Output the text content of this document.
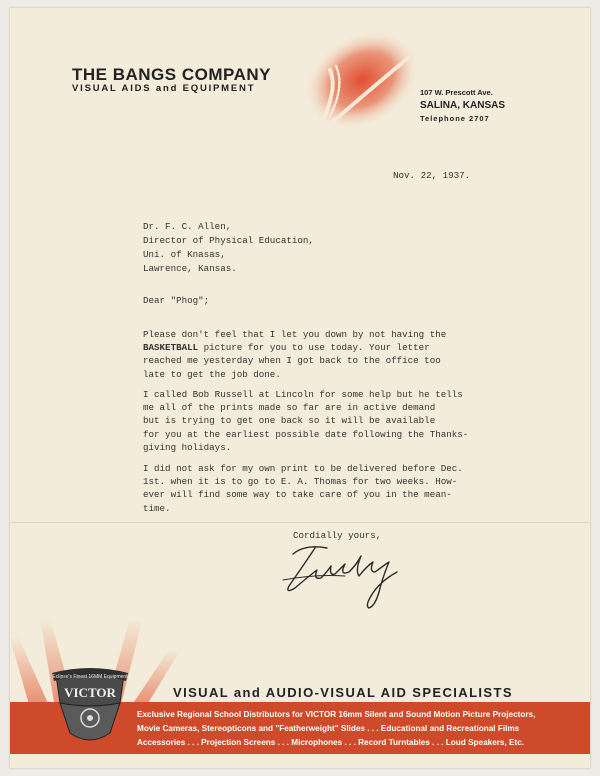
THE BANGS COMPANY
VISUAL AIDS and EQUIPMENT	107 W. Prescott Ave.
SALINA, KANSAS
Telephone 2707
Nov. 22, 1937.
Dr. F. C. Allen,
Director of Physical Education,
Uni. of Knasas,
Lawrence, Kansas.
Dear "Phog";
Please don't feel that I let you down by not having the
BASKETBALL picture for you to use today. Your letter
reached me yesterday when I got back to the office too
late to get the job done.
I called Bob Russell at Lincoln for some help but he tells
me all of the prints made so far are in active demand
but is trying to get one back so it will be available
for you at the earliest possible date following the Thanks-
giving holidays.
I did not ask for my own print to be delivered before Dec.
1st. when it is to go to E. A. Thomas for two weeks. How-
ever will find some way to take care of you in the mean-
time.
Cordially yours,
VISUAL and AUDIO-VISUAL AID SPECIALISTS
Exclusive Regional School Distributors for VICTOR 16mm Silent and Sound Motion Picture Projectors,
Movie Cameras, Stereopticons and "Featherweight" Slides . . . Educational and Recreational Films
Accessories . . . Projection Screens . . . Microphones . . . Record Turntables . . . Loud Speakers, Etc.
Eclipse's Finest 16MM Equipment
VICTOR
